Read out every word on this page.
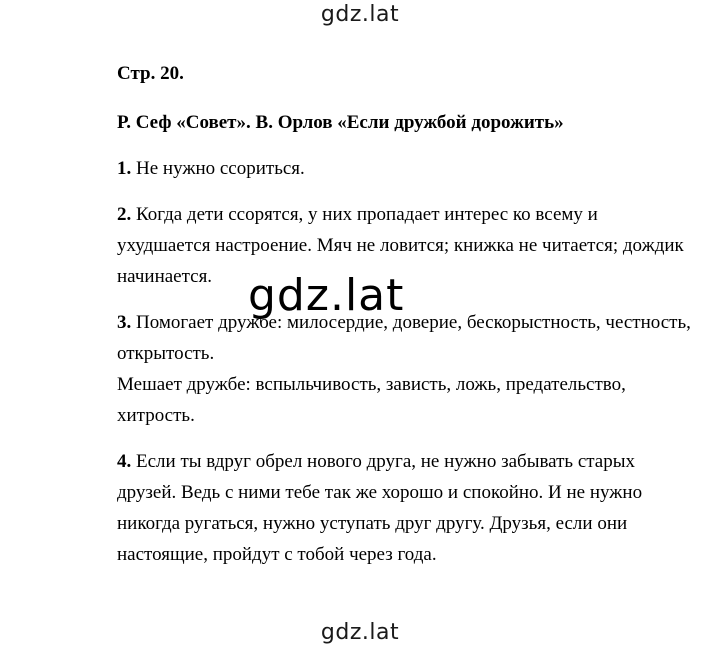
gdz.lat
Стр. 20.
Р. Сеф «Совет». В. Орлов «Если дружбой дорожить»

1. Не нужно ссориться.

2. Когда дети ссорятся, у них пропадает интерес ко всему и

ухудшается настроение. Мяч не ловится; книжка не читается; дождик

начинается.

3. Помогает дружбе: милосердие, доверие, бескорыстность, честность,

открытость.

Мешает дружбе: вспыльчивость, зависть, ложь, предательство,

хитрость.

4. Если ты вдруг обрел нового друга, не нужно забывать старых

друзей. Ведь с ними тебе так же хорошо и спокойно. И не нужно

никогда ругаться, нужно уступать друг другу. Друзья, если они

настоящие, пройдут с тобой через года.

gdz.lat
gdz.lat
